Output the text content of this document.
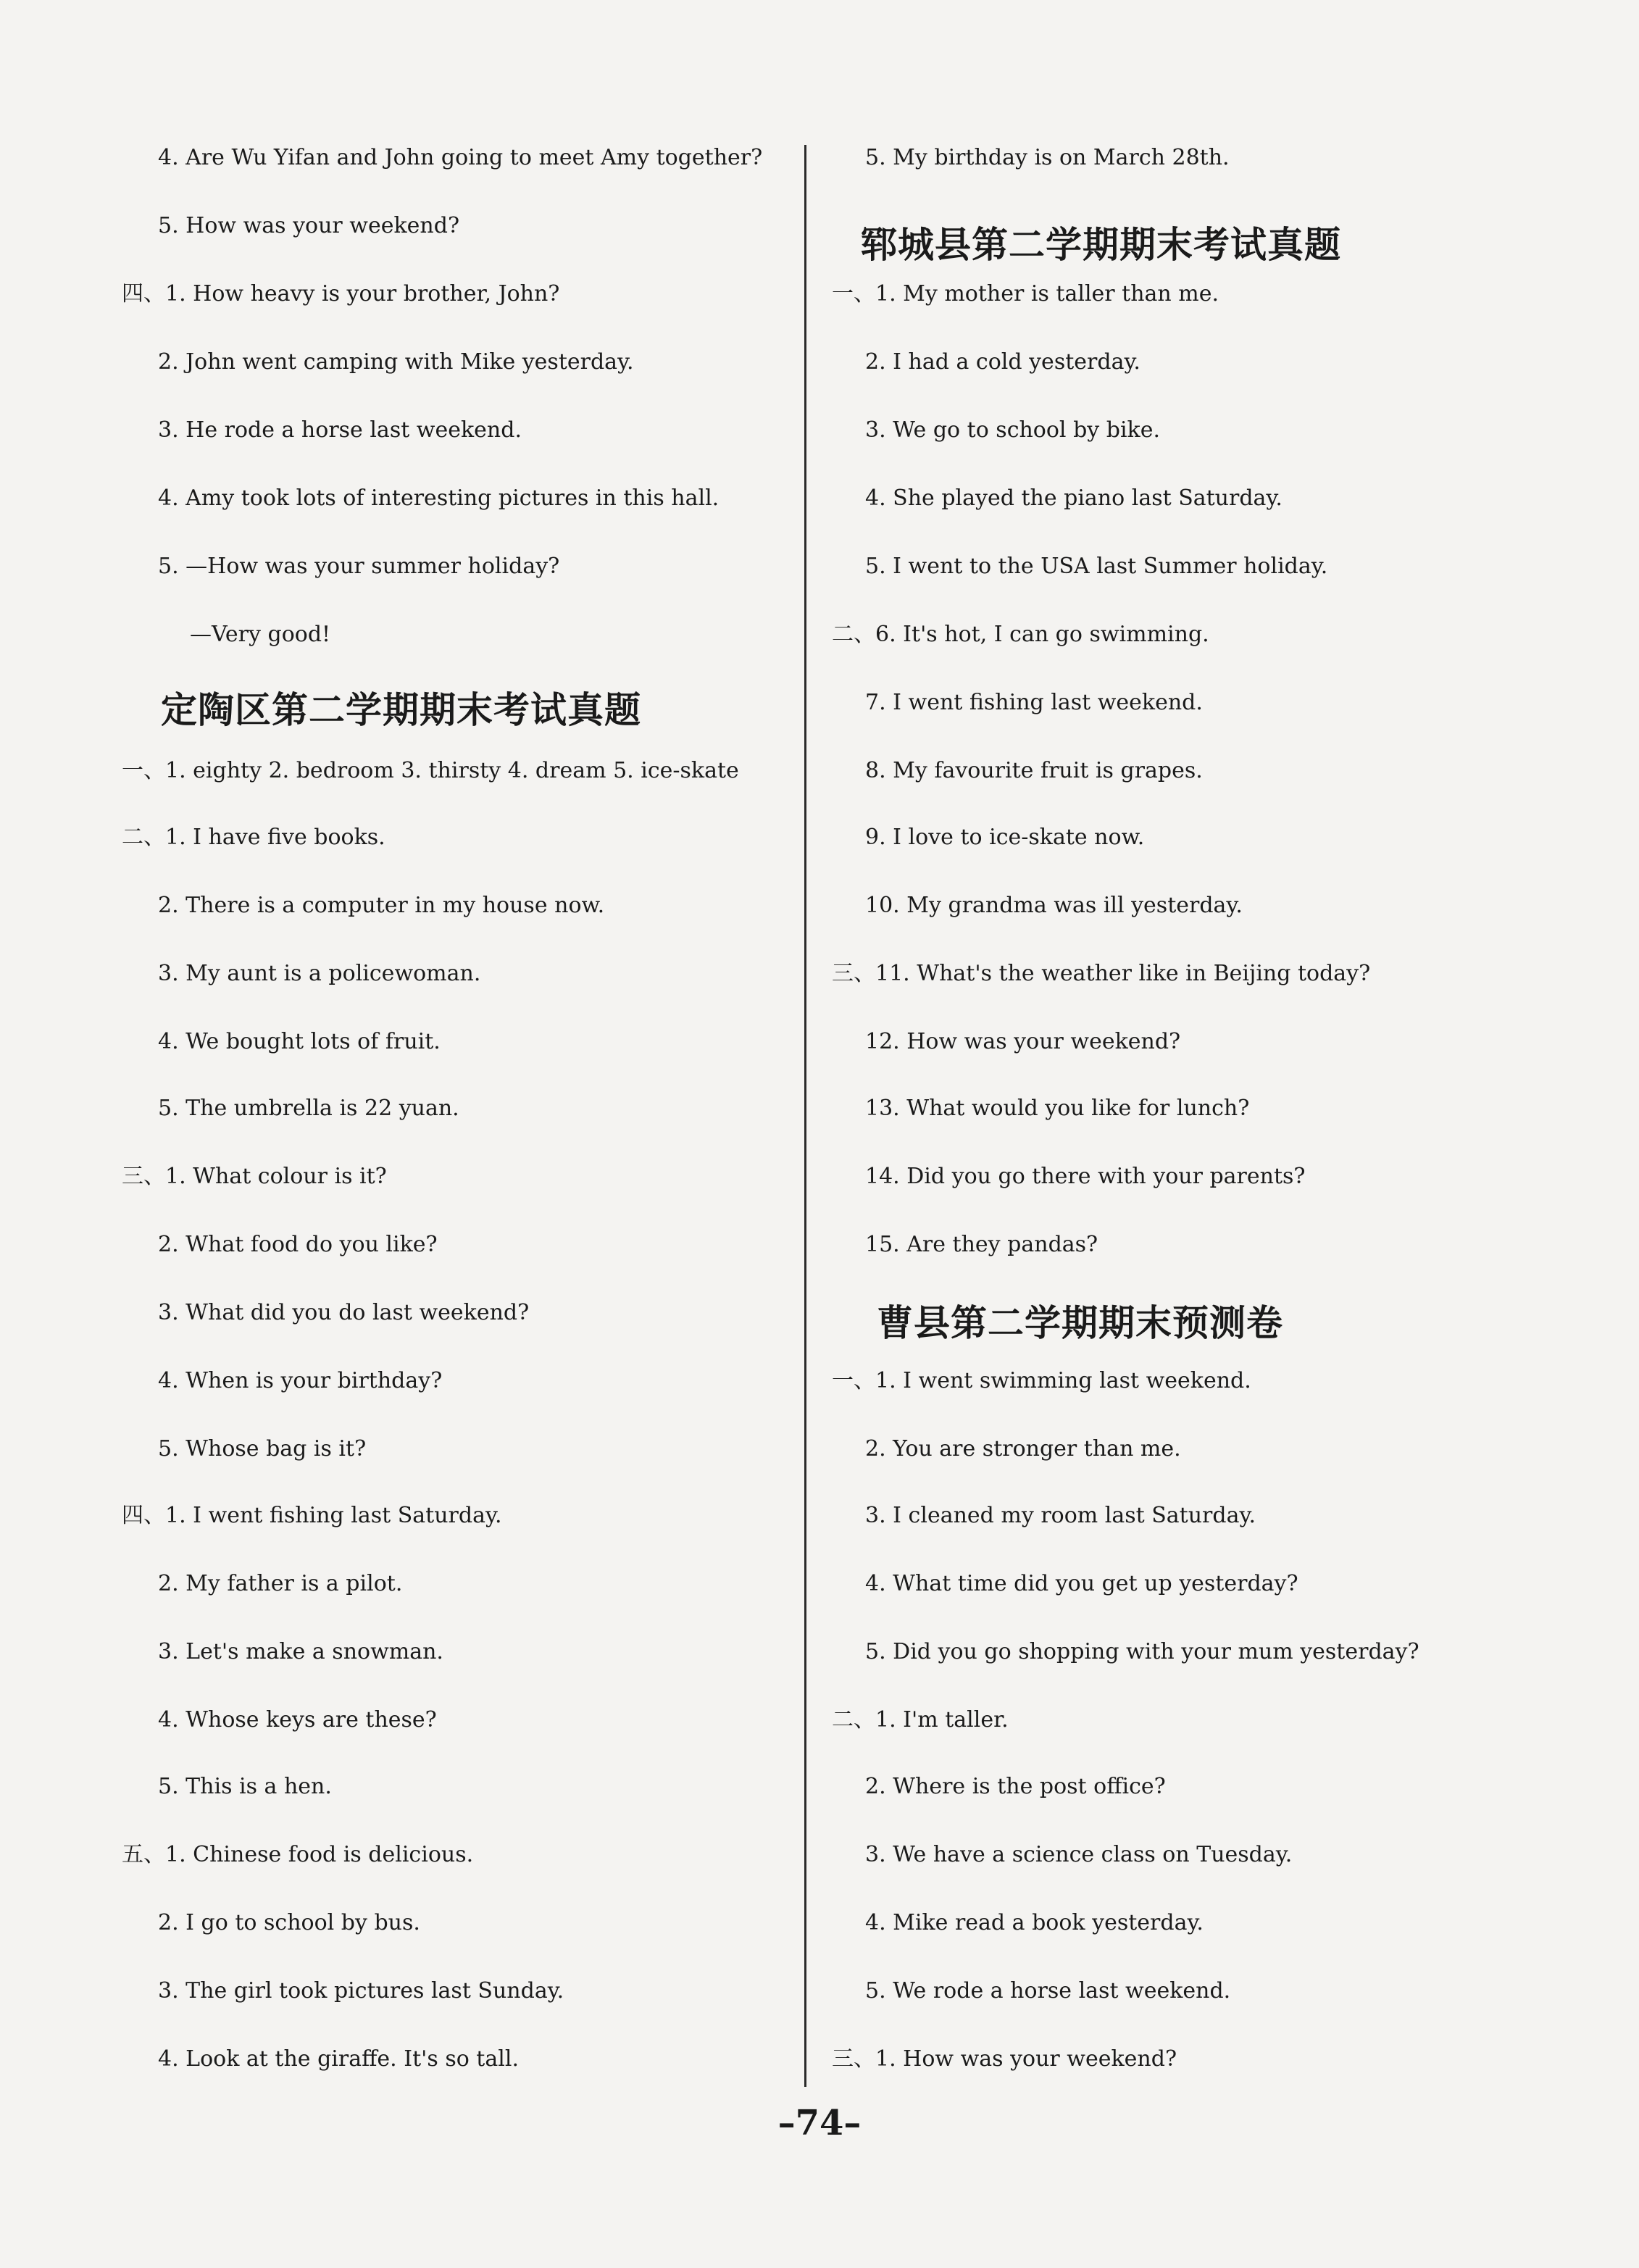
–74–
4. Are Wu Yifan and John going to meet Amy together?
5. How was your weekend?
四、1. How heavy is your brother, John?
2. John went camping with Mike yesterday.
3. He rode a horse last weekend.
4. Amy took lots of interesting pictures in this hall.
5. —How was your summer holiday?
—Very good!
一、1. eighty 2. bedroom 3. thirsty 4. dream 5. ice-skate
二、1. I have five books.
2. There is a computer in my house now.
3. My aunt is a policewoman.
4. We bought lots of fruit.
5. The umbrella is 22 yuan.
三、1. What colour is it?
2. What food do you like?
3. What did you do last weekend?
4. When is your birthday?
5. Whose bag is it?
四、1. I went fishing last Saturday.
2. My father is a pilot.
3. Let's make a snowman.
4. Whose keys are these?
5. This is a hen.
五、1. Chinese food is delicious.
2. I go to school by bus.
3. The girl took pictures last Sunday.
4. Look at the giraffe. It's so tall.
定陶区第二学期期末考试真题
5. My birthday is on March 28th.
一、1. My mother is taller than me.
2. I had a cold yesterday.
3. We go to school by bike.
4. She played the piano last Saturday.
5. I went to the USA last Summer holiday.
二、6. It's hot, I can go swimming.
7. I went fishing last weekend.
8. My favourite fruit is grapes.
9. I love to ice-skate now.
10. My grandma was ill yesterday.
三、11. What's the weather like in Beijing today?
12. How was your weekend?
13. What would you like for lunch?
14. Did you go there with your parents?
15. Are they pandas?
一、1. I went swimming last weekend.
2. You are stronger than me.
3. I cleaned my room last Saturday.
4. What time did you get up yesterday?
5. Did you go shopping with your mum yesterday?
二、1. I'm taller.
2. Where is the post office?
3. We have a science class on Tuesday.
4. Mike read a book yesterday.
5. We rode a horse last weekend.
三、1. How was your weekend?
郓城县第二学期期末考试真题
曹县第二学期期末预测卷
